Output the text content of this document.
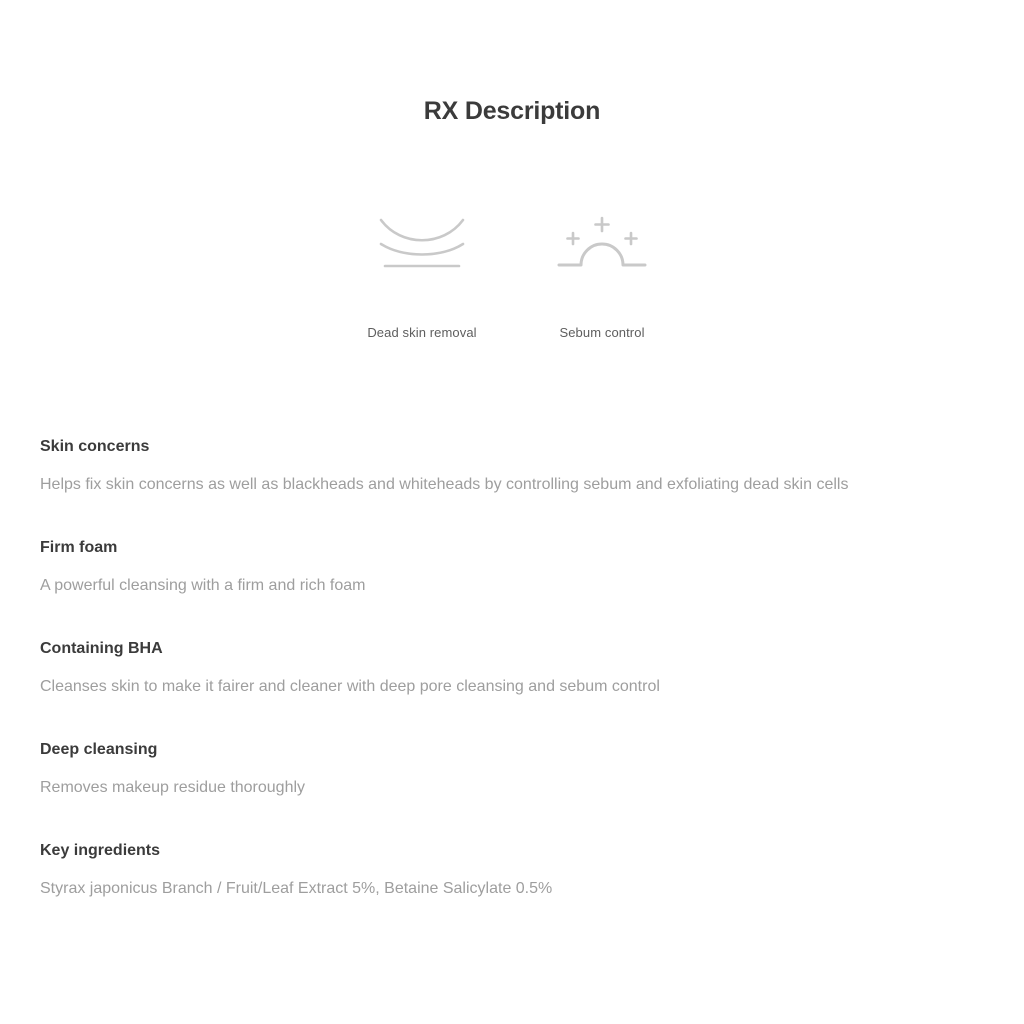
RX Description
Dead skin removal	Sebum control
Skin concerns

Helps fix skin concerns as well as blackheads and whiteheads by controlling sebum and exfoliating dead skin cells

Firm foam

A powerful cleansing with a firm and rich foam

Containing BHA

Cleanses skin to make it fairer and cleaner with deep pore cleansing and sebum control

Deep cleansing

Removes makeup residue thoroughly

Key ingredients

Styrax japonicus Branch / Fruit/Leaf Extract 5%, Betaine Salicylate 0.5%
